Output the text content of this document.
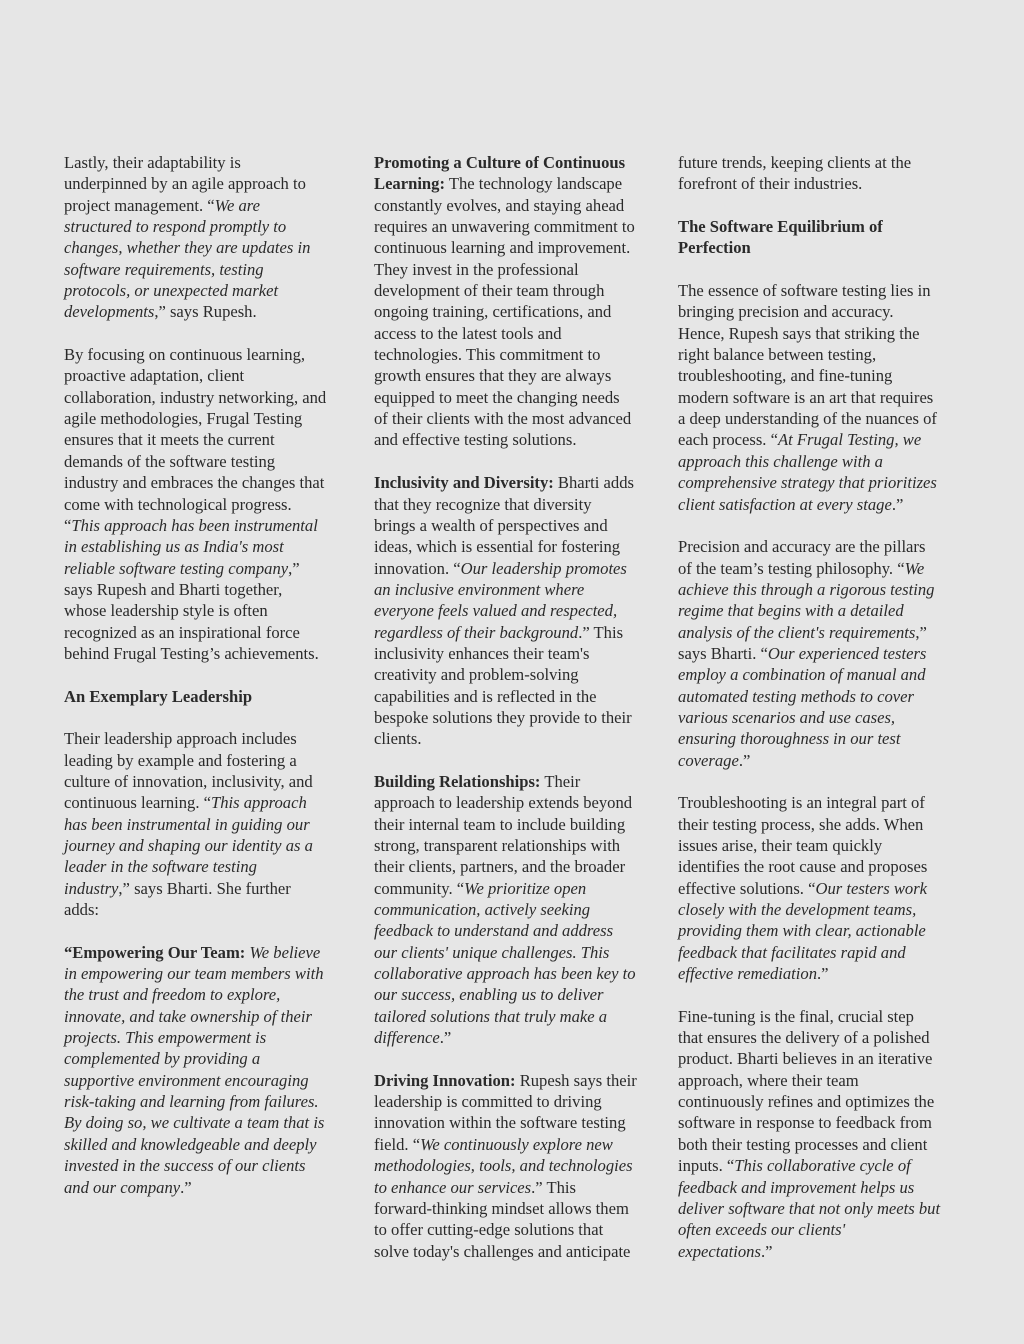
Lastly, their adaptability is
underpinned by an agile approach to
project management. “We are
structured to respond promptly to
changes, whether they are updates in
software requirements, testing
protocols, or unexpected market
developments,” says Rupesh.

By focusing on continuous learning,
proactive adaptation, client
collaboration, industry networking, and
agile methodologies, Frugal Testing
ensures that it meets the current
demands of the software testing
industry and embraces the changes that
come with technological progress.
“This approach has been instrumental
in establishing us as India's most
reliable software testing company,”
says Rupesh and Bharti together,
whose leadership style is often
recognized as an inspirational force
behind Frugal Testing’s achievements.

An Exemplary Leadership

Their leadership approach includes
leading by example and fostering a
culture of innovation, inclusivity, and
continuous learning. “This approach
has been instrumental in guiding our
journey and shaping our identity as a
leader in the software testing
industry,” says Bharti. She further
adds:

“Empowering Our Team: We believe
in empowering our team members with
the trust and freedom to explore,
innovate, and take ownership of their
projects. This empowerment is
complemented by providing a
supportive environment encouraging
risk-taking and learning from failures.
By doing so, we cultivate a team that is
skilled and knowledgeable and deeply
invested in the success of our clients
and our company.”

Promoting a Culture of Continuous
Learning: The technology landscape
constantly evolves, and staying ahead
requires an unwavering commitment to
continuous learning and improvement.
They invest in the professional
development of their team through
ongoing training, certifications, and
access to the latest tools and
technologies. This commitment to
growth ensures that they are always
equipped to meet the changing needs
of their clients with the most advanced
and effective testing solutions.

Inclusivity and Diversity: Bharti adds
that they recognize that diversity
brings a wealth of perspectives and
ideas, which is essential for fostering
innovation. “Our leadership promotes
an inclusive environment where
everyone feels valued and respected,
regardless of their background.” This
inclusivity enhances their team's
creativity and problem-solving
capabilities and is reflected in the
bespoke solutions they provide to their
clients.

Building Relationships: Their
approach to leadership extends beyond
their internal team to include building
strong, transparent relationships with
their clients, partners, and the broader
community. “We prioritize open
communication, actively seeking
feedback to understand and address
our clients' unique challenges. This
collaborative approach has been key to
our success, enabling us to deliver
tailored solutions that truly make a
difference.”

Driving Innovation: Rupesh says their
leadership is committed to driving
innovation within the software testing
field. “We continuously explore new
methodologies, tools, and technologies
to enhance our services.” This
forward-thinking mindset allows them
to offer cutting-edge solutions that
solve today's challenges and anticipate

future trends, keeping clients at the
forefront of their industries.

The Software Equilibrium of
Perfection

The essence of software testing lies in
bringing precision and accuracy.
Hence, Rupesh says that striking the
right balance between testing,
troubleshooting, and fine-tuning
modern software is an art that requires
a deep understanding of the nuances of
each process. “At Frugal Testing, we
approach this challenge with a
comprehensive strategy that prioritizes
client satisfaction at every stage.”

Precision and accuracy are the pillars
of the team’s testing philosophy. “We
achieve this through a rigorous testing
regime that begins with a detailed
analysis of the client's requirements,”
says Bharti. “Our experienced testers
employ a combination of manual and
automated testing methods to cover
various scenarios and use cases,
ensuring thoroughness in our test
coverage.”

Troubleshooting is an integral part of
their testing process, she adds. When
issues arise, their team quickly
identifies the root cause and proposes
effective solutions. “Our testers work
closely with the development teams,
providing them with clear, actionable
feedback that facilitates rapid and
effective remediation.”

Fine-tuning is the final, crucial step
that ensures the delivery of a polished
product. Bharti believes in an iterative
approach, where their team
continuously refines and optimizes the
software in response to feedback from
both their testing processes and client
inputs. “This collaborative cycle of
feedback and improvement helps us
deliver software that not only meets but
often exceeds our clients'
expectations.”
